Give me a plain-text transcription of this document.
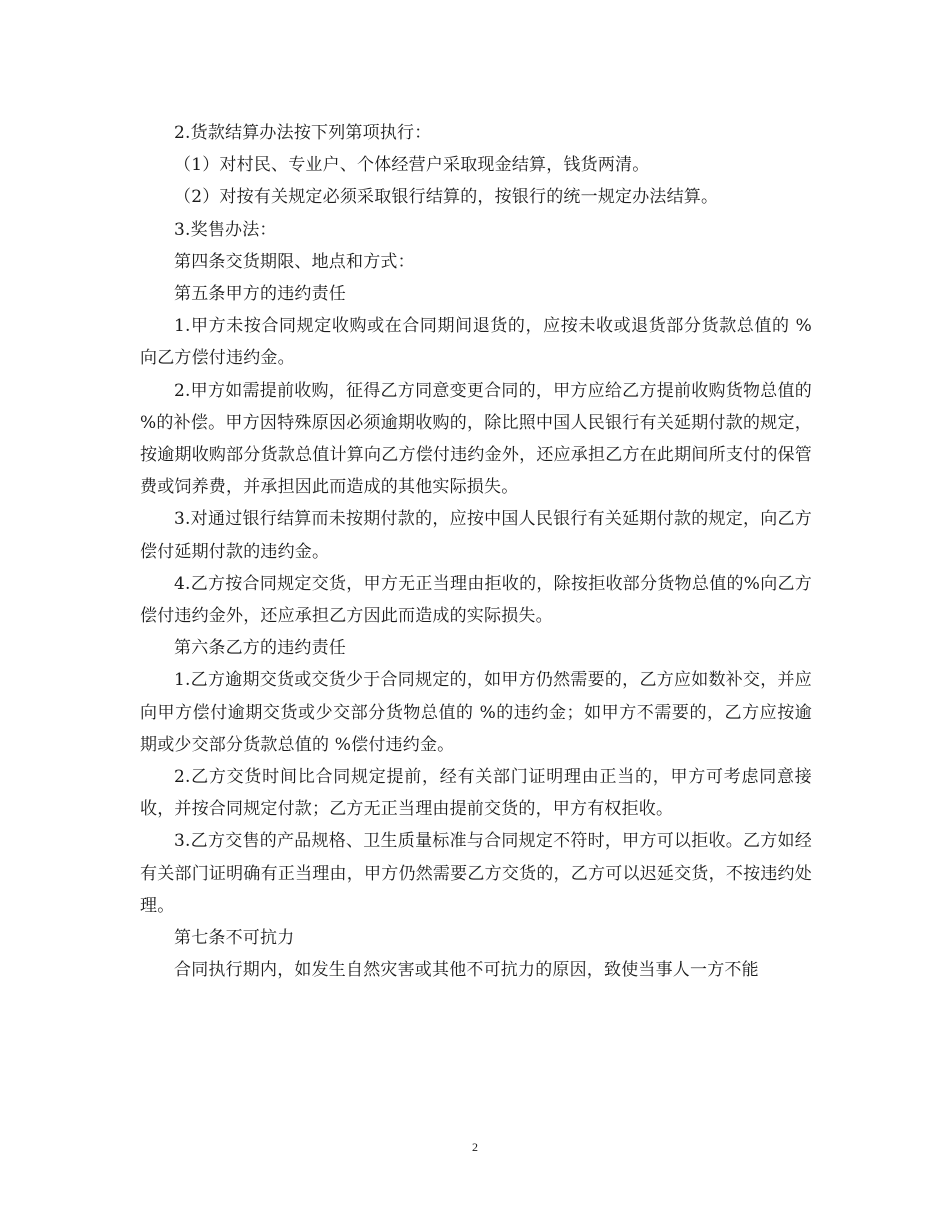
2.货款结算办法按下列第项执行：

（1）对村民、专业户、个体经营户采取现金结算，钱货两清。

（2）对按有关规定必须采取银行结算的，按银行的统一规定办法结算。

3.奖售办法：

第四条交货期限、地点和方式：

第五条甲方的违约责任

1.甲方未按合同规定收购或在合同期间退货的，应按未收或退货部分货款总值的 %向乙方偿付违约金。

2.甲方如需提前收购，征得乙方同意变更合同的，甲方应给乙方提前收购货物总值的 %的补偿。甲方因特殊原因必须逾期收购的，除比照中国人民银行有关延期付款的规定，按逾期收购部分货款总值计算向乙方偿付违约金外，还应承担乙方在此期间所支付的保管费或饲养费，并承担因此而造成的其他实际损失。

3.对通过银行结算而未按期付款的，应按中国人民银行有关延期付款的规定，向乙方偿付延期付款的违约金。

4.乙方按合同规定交货，甲方无正当理由拒收的，除按拒收部分货物总值的%向乙方偿付违约金外，还应承担乙方因此而造成的实际损失。

第六条乙方的违约责任

1.乙方逾期交货或交货少于合同规定的，如甲方仍然需要的，乙方应如数补交，并应向甲方偿付逾期交货或少交部分货物总值的 %的违约金；如甲方不需要的，乙方应按逾期或少交部分货款总值的 %偿付违约金。

2.乙方交货时间比合同规定提前，经有关部门证明理由正当的，甲方可考虑同意接收，并按合同规定付款；乙方无正当理由提前交货的，甲方有权拒收。

3.乙方交售的产品规格、卫生质量标准与合同规定不符时，甲方可以拒收。乙方如经有关部门证明确有正当理由，甲方仍然需要乙方交货的，乙方可以迟延交货，不按违约处理。

第七条不可抗力

合同执行期内，如发生自然灾害或其他不可抗力的原因，致使当事人一方不能

2
